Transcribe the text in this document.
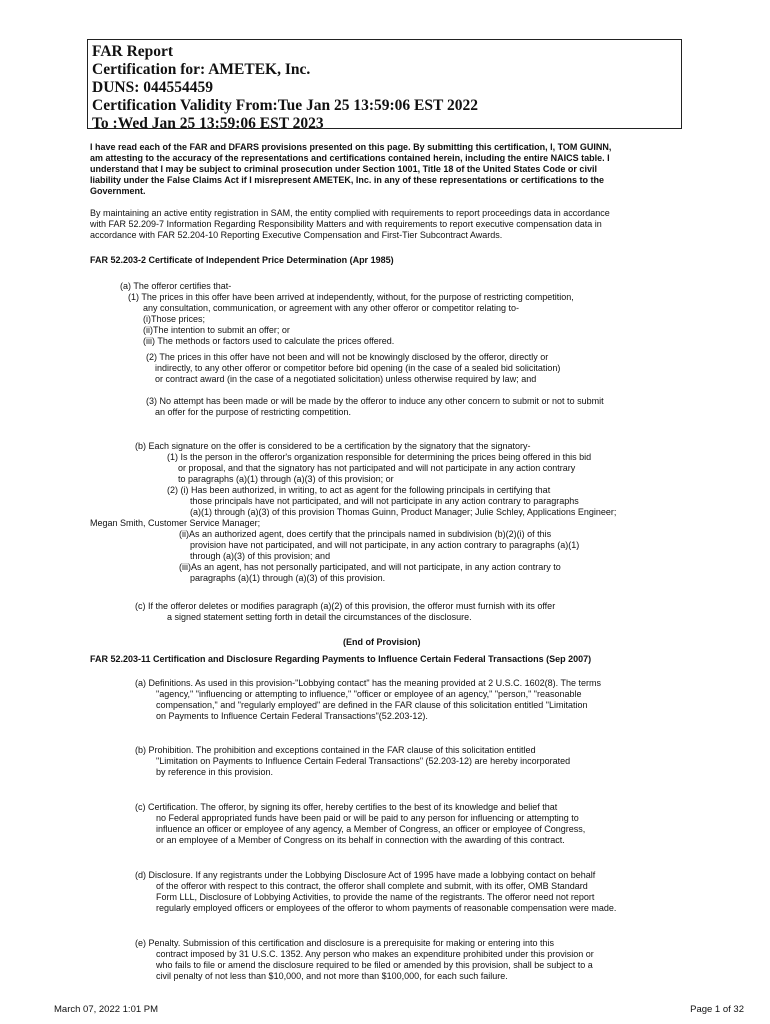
FAR Report
Certification for: AMETEK, Inc.
DUNS: 044554459
Certification Validity From:Tue Jan 25 13:59:06 EST 2022
To :Wed Jan 25 13:59:06 EST 2023
I have read each of the FAR and DFARS provisions presented on this page. By submitting this certification, I, TOM GUINN,
am attesting to the accuracy of the representations and certifications contained herein, including the entire NAICS table. I
understand that I may be subject to criminal prosecution under Section 1001, Title 18 of the United States Code or civil
liability under the False Claims Act if I misrepresent AMETEK, Inc. in any of these representations or certifications to the
Government.
By maintaining an active entity registration in SAM, the entity complied with requirements to report proceedings data in accordance
with FAR 52.209-7 Information Regarding Responsibility Matters and with requirements to report executive compensation data in
accordance with FAR 52.204-10 Reporting Executive Compensation and First-Tier Subcontract Awards.
FAR 52.203-2 Certificate of Independent Price Determination (Apr 1985)
(a) The offeror certifies that-
(1) The prices in this offer have been arrived at independently, without, for the purpose of restricting competition,
any consultation, communication, or agreement with any other offeror or competitor relating to-
(i)Those prices;
(ii)The intention to submit an offer; or
(iii) The methods or factors used to calculate the prices offered.
(2) The prices in this offer have not been and will not be knowingly disclosed by the offeror, directly or
indirectly, to any other offeror or competitor before bid opening (in the case of a sealed bid solicitation)
or contract award (in the case of a negotiated solicitation) unless otherwise required by law; and
(3) No attempt has been made or will be made by the offeror to induce any other concern to submit or not to submit
an offer for the purpose of restricting competition.
(b) Each signature on the offer is considered to be a certification by the signatory that the signatory-
(1) Is the person in the offeror's organization responsible for determining the prices being offered in this bid
or proposal, and that the signatory has not participated and will not participate in any action contrary
to paragraphs (a)(1) through (a)(3) of this provision; or
(2) (i) Has been authorized, in writing, to act as agent for the following principals in certifying that
those principals have not participated, and will not participate in any action contrary to paragraphs
(a)(1) through (a)(3) of this provision Thomas Guinn, Product Manager; Julie Schley, Applications Engineer;
Megan Smith, Customer Service Manager;
(ii)As an authorized agent, does certify that the principals named in subdivision (b)(2)(i) of this
provision have not participated, and will not participate, in any action contrary to paragraphs (a)(1)
through (a)(3) of this provision; and
(iii)As an agent, has not personally participated, and will not participate, in any action contrary to
paragraphs (a)(1) through (a)(3) of this provision.
(c) If the offeror deletes or modifies paragraph (a)(2) of this provision, the offeror must furnish with its offer
a signed statement setting forth in detail the circumstances of the disclosure.
(End of Provision)
FAR 52.203-11 Certification and Disclosure Regarding Payments to Influence Certain Federal Transactions (Sep 2007)
(a) Definitions. As used in this provision-"Lobbying contact" has the meaning provided at 2 U.S.C. 1602(8). The terms
"agency," "influencing or attempting to influence," "officer or employee of an agency," "person," "reasonable
compensation," and "regularly employed" are defined in the FAR clause of this solicitation entitled "Limitation
on Payments to Influence Certain Federal Transactions"(52.203-12).
(b) Prohibition. The prohibition and exceptions contained in the FAR clause of this solicitation entitled
"Limitation on Payments to Influence Certain Federal Transactions" (52.203-12) are hereby incorporated
by reference in this provision.
(c) Certification. The offeror, by signing its offer, hereby certifies to the best of its knowledge and belief that
no Federal appropriated funds have been paid or will be paid to any person for influencing or attempting to
influence an officer or employee of any agency, a Member of Congress, an officer or employee of Congress,
or an employee of a Member of Congress on its behalf in connection with the awarding of this contract.
(d) Disclosure. If any registrants under the Lobbying Disclosure Act of 1995 have made a lobbying contact on behalf
of the offeror with respect to this contract, the offeror shall complete and submit, with its offer, OMB Standard
Form LLL, Disclosure of Lobbying Activities, to provide the name of the registrants. The offeror need not report
regularly employed officers or employees of the offeror to whom payments of reasonable compensation were made.
(e) Penalty. Submission of this certification and disclosure is a prerequisite for making or entering into this
contract imposed by 31 U.S.C. 1352. Any person who makes an expenditure prohibited under this provision or
who fails to file or amend the disclosure required to be filed or amended by this provision, shall be subject to a
civil penalty of not less than $10,000, and not more than $100,000, for each such failure.
March 07, 2022 1:01 PM	Page 1 of 32
